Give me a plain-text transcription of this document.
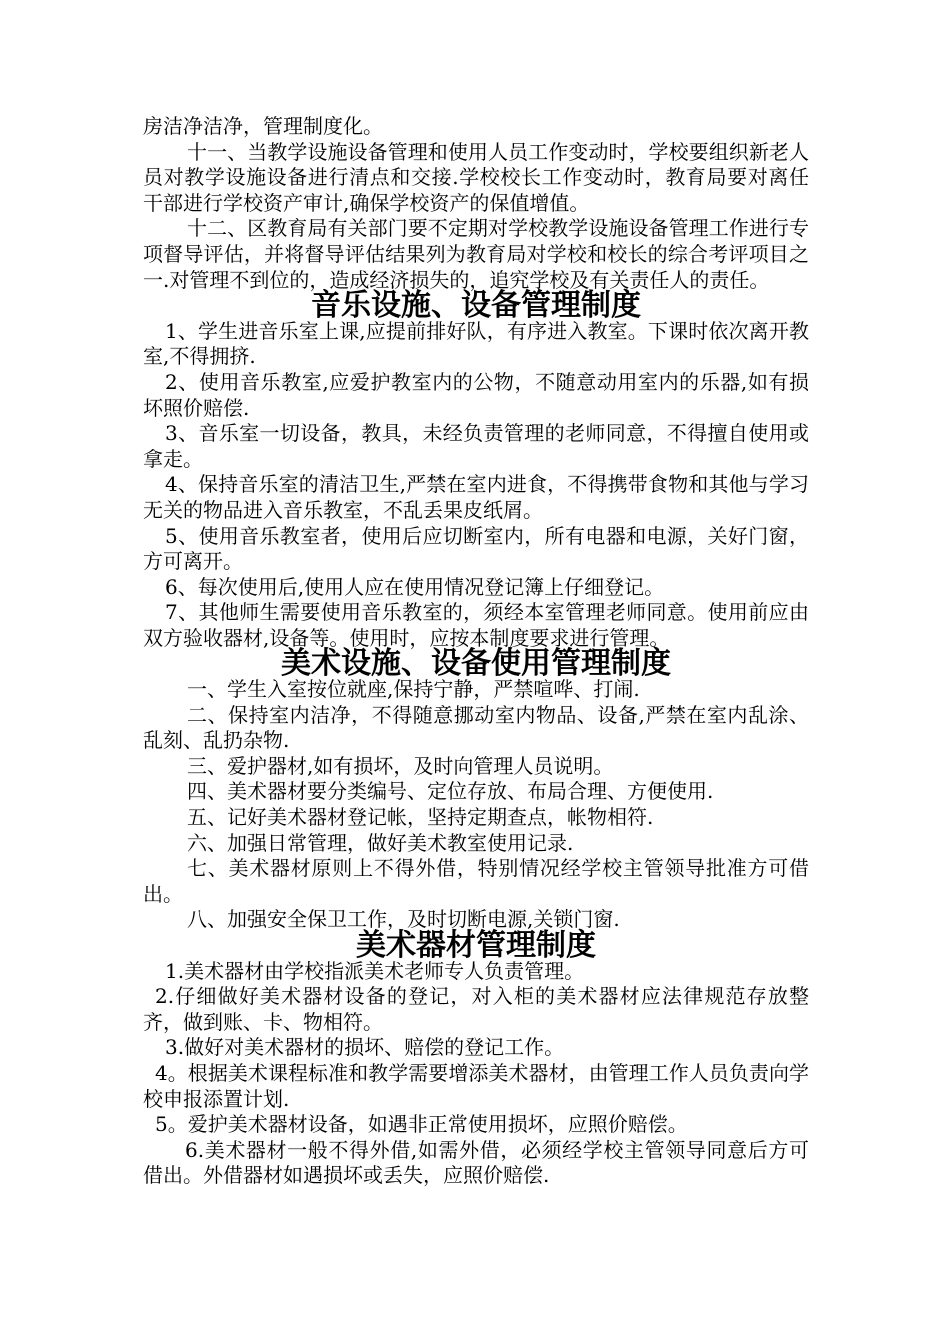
房洁净洁净，管理制度化。

十一、当教学设施设备管理和使用人员工作变动时，学校要组织新老人员对教学设施设备进行清点和交接.学校校长工作变动时，教育局要对离任干部进行学校资产审计,确保学校资产的保值增值。

十二、区教育局有关部门要不定期对学校教学设施设备管理工作进行专项督导评估，并将督导评估结果列为教育局对学校和校长的综合考评项目之一.对管理不到位的，造成经济损失的，追究学校及有关责任人的责任。

音乐设施、设备管理制度

1、学生进音乐室上课,应提前排好队，有序进入教室。下课时依次离开教室,不得拥挤.

2、使用音乐教室,应爱护教室内的公物，不随意动用室内的乐器,如有损坏照价赔偿.

3、音乐室一切设备，教具，未经负责管理的老师同意，不得擅自使用或拿走。

4、保持音乐室的清洁卫生,严禁在室内进食，不得携带食物和其他与学习无关的物品进入音乐教室，不乱丢果皮纸屑。

5、使用音乐教室者，使用后应切断室内，所有电器和电源，关好门窗，方可离开。

6、每次使用后,使用人应在使用情况登记簿上仔细登记。

7、其他师生需要使用音乐教室的，须经本室管理老师同意。使用前应由双方验收器材,设备等。使用时，应按本制度要求进行管理。

美术设施、设备使用管理制度

一、学生入室按位就座,保持宁静，严禁喧哗、打闹.

二、保持室内洁净，不得随意挪动室内物品、设备,严禁在室内乱涂、乱刻、乱扔杂物.

三、爱护器材,如有损坏，及时向管理人员说明。

四、美术器材要分类编号、定位存放、布局合理、方便使用.

五、记好美术器材登记帐，坚持定期查点，帐物相符.

六、加强日常管理，做好美术教室使用记录.

七、美术器材原则上不得外借，特别情况经学校主管领导批准方可借出。

八、加强安全保卫工作，及时切断电源,关锁门窗.

美术器材管理制度

1.美术器材由学校指派美术老师专人负责管理。

2.仔细做好美术器材设备的登记，对入柜的美术器材应法律规范存放整齐，做到账、卡、物相符。

3.做好对美术器材的损坏、赔偿的登记工作。

4。根据美术课程标准和教学需要增添美术器材，由管理工作人员负责向学校申报添置计划.

5。爱护美术器材设备，如遇非正常使用损坏，应照价赔偿。

6.美术器材一般不得外借,如需外借，必须经学校主管领导同意后方可借出。外借器材如遇损坏或丢失，应照价赔偿.
